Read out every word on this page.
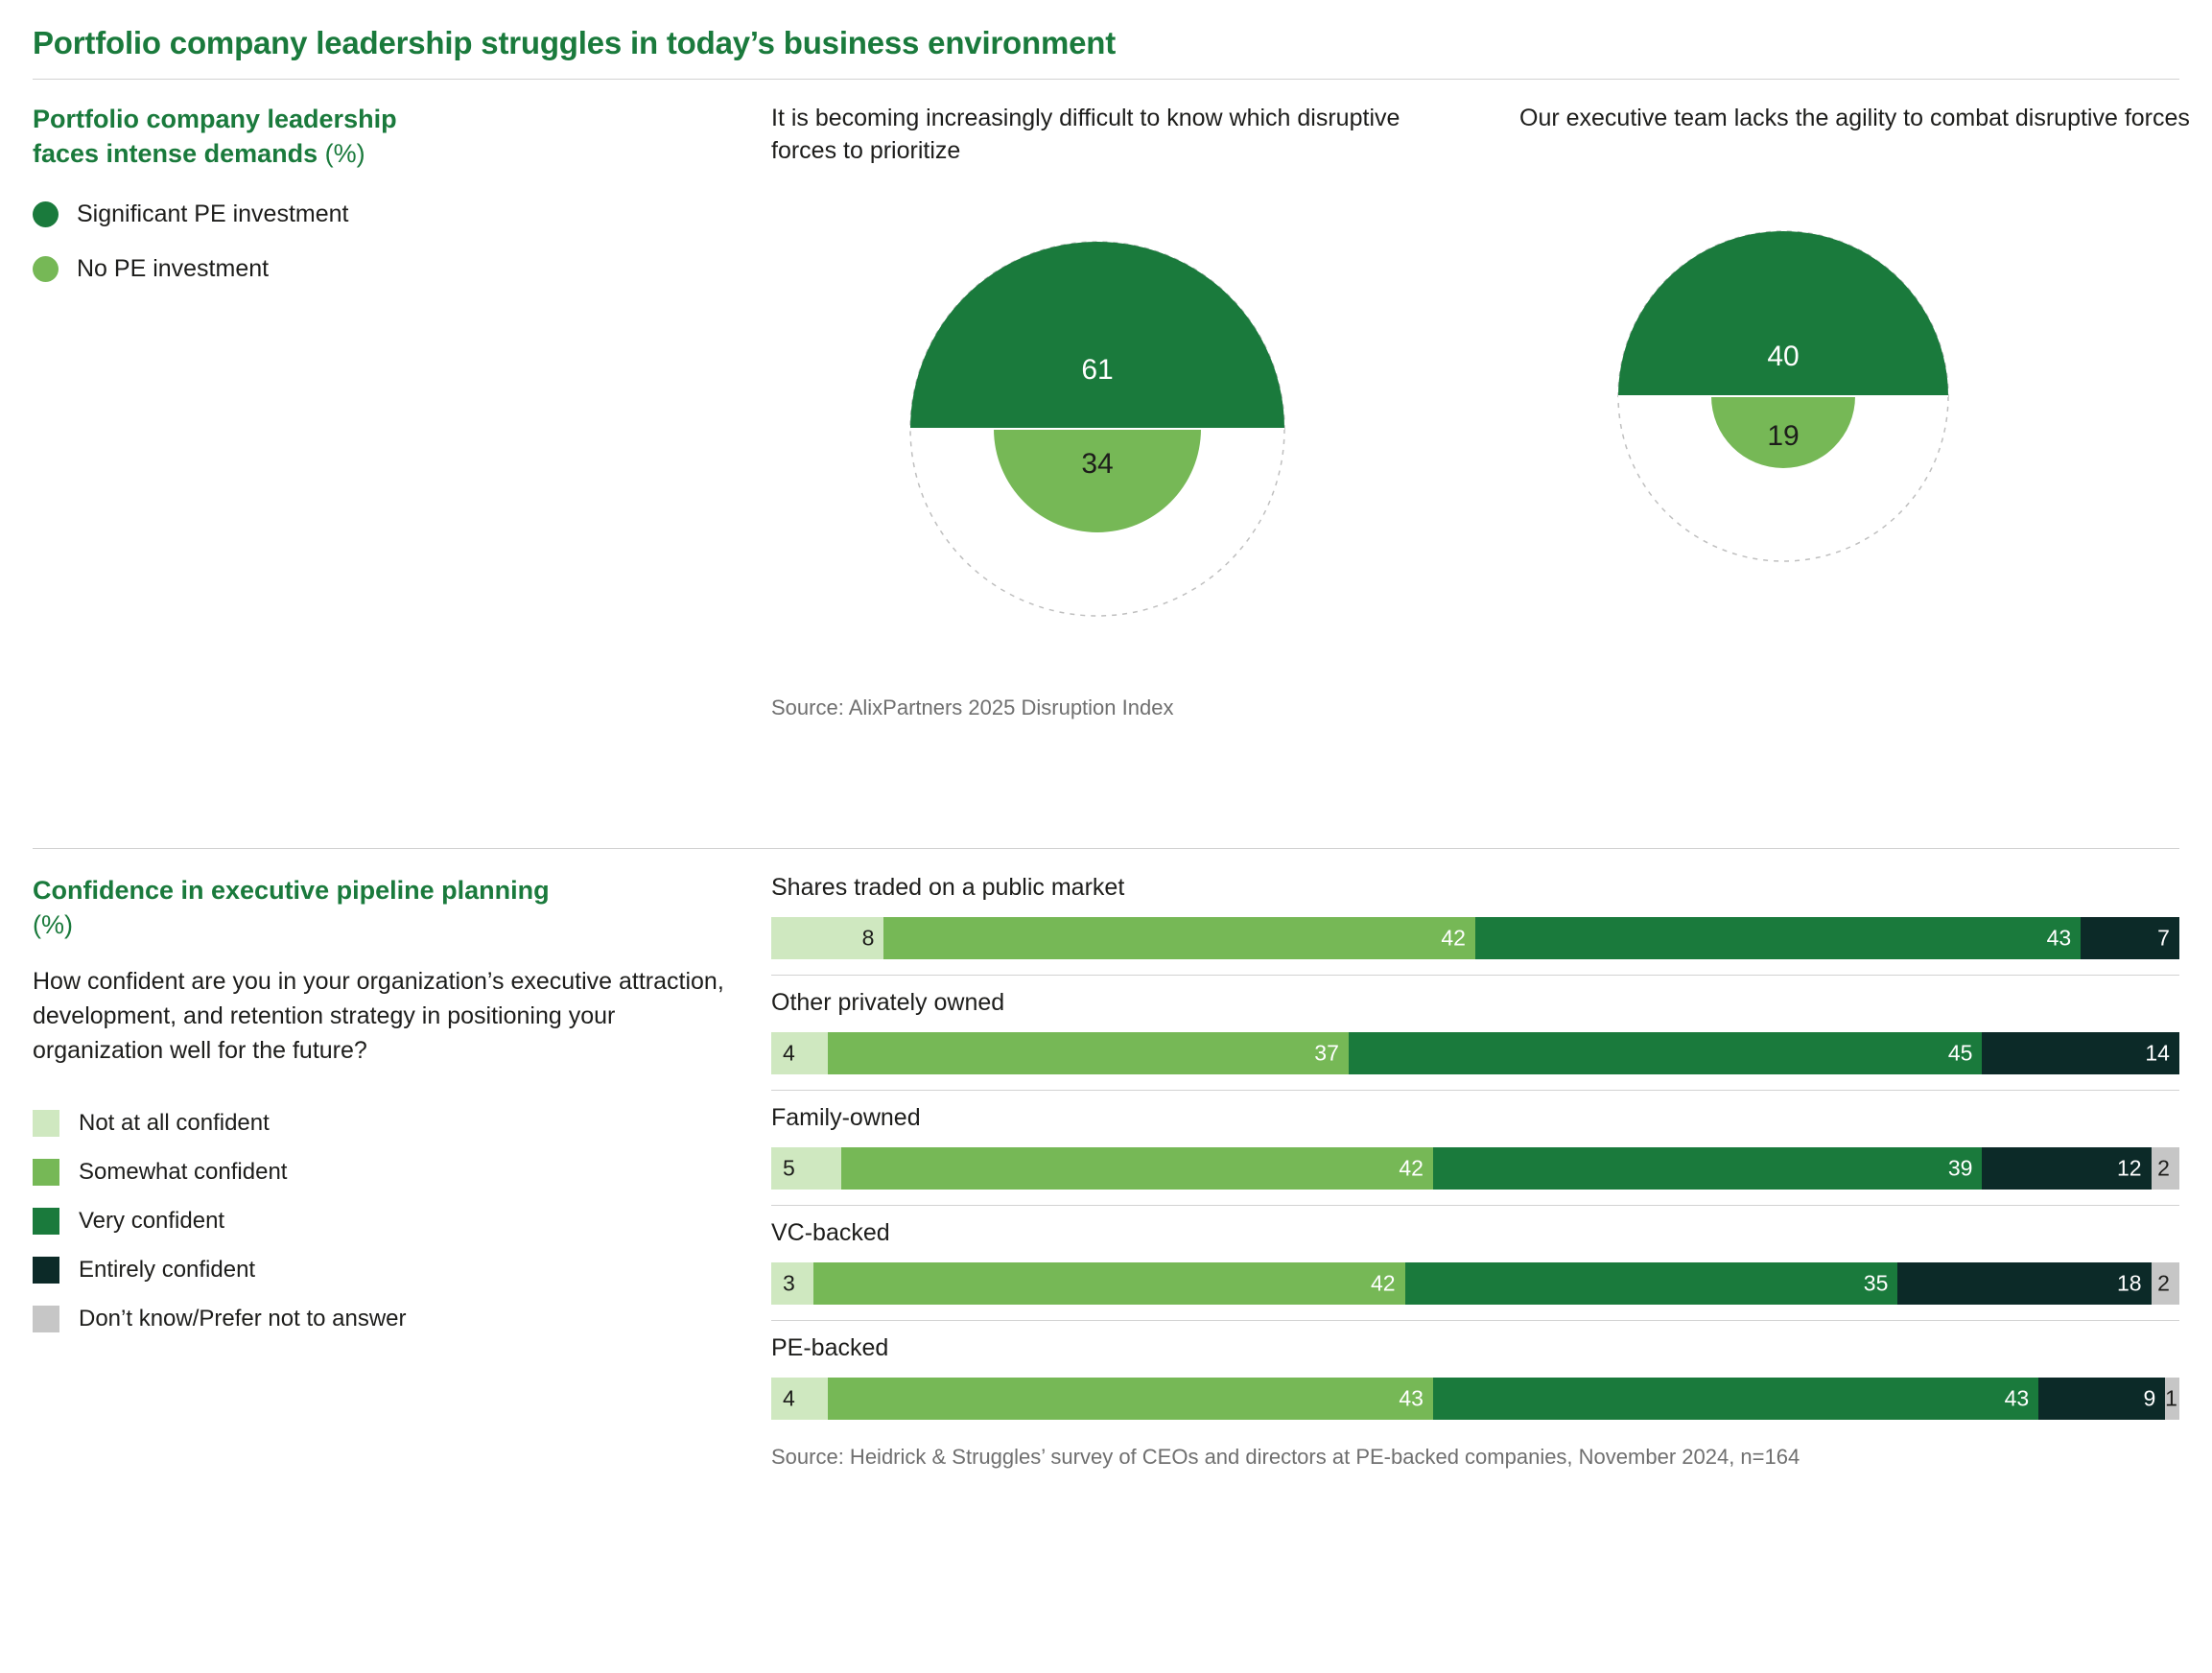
Portfolio company leadership struggles in today’s business environment
Portfolio company leadership
faces intense demands (%)
Significant PE investment
No PE investment
It is becoming increasingly difficult to know which disruptive forces to prioritize
61
34
Source: AlixPartners 2025 Disruption Index
Our executive team lacks the agility to combat disruptive forces
40
19
Confidence in executive pipeline planning
(%)
How confident are you in your organization’s executive attraction, development, and retention strategy in positioning your organization well for the future?
Not at all confident
Somewhat confident
Very confident
Entirely confident
Don’t know/Prefer not to answer
Shares traded on a public market
8	42	43	7
Other privately owned
4	37	45	14
Family-owned
5	42	39	12 2
VC-backed
3	42	35	18 2
PE-backed
4	43	43	9 1
Source: Heidrick & Struggles’ survey of CEOs and directors at PE-backed companies, November 2024, n=164
